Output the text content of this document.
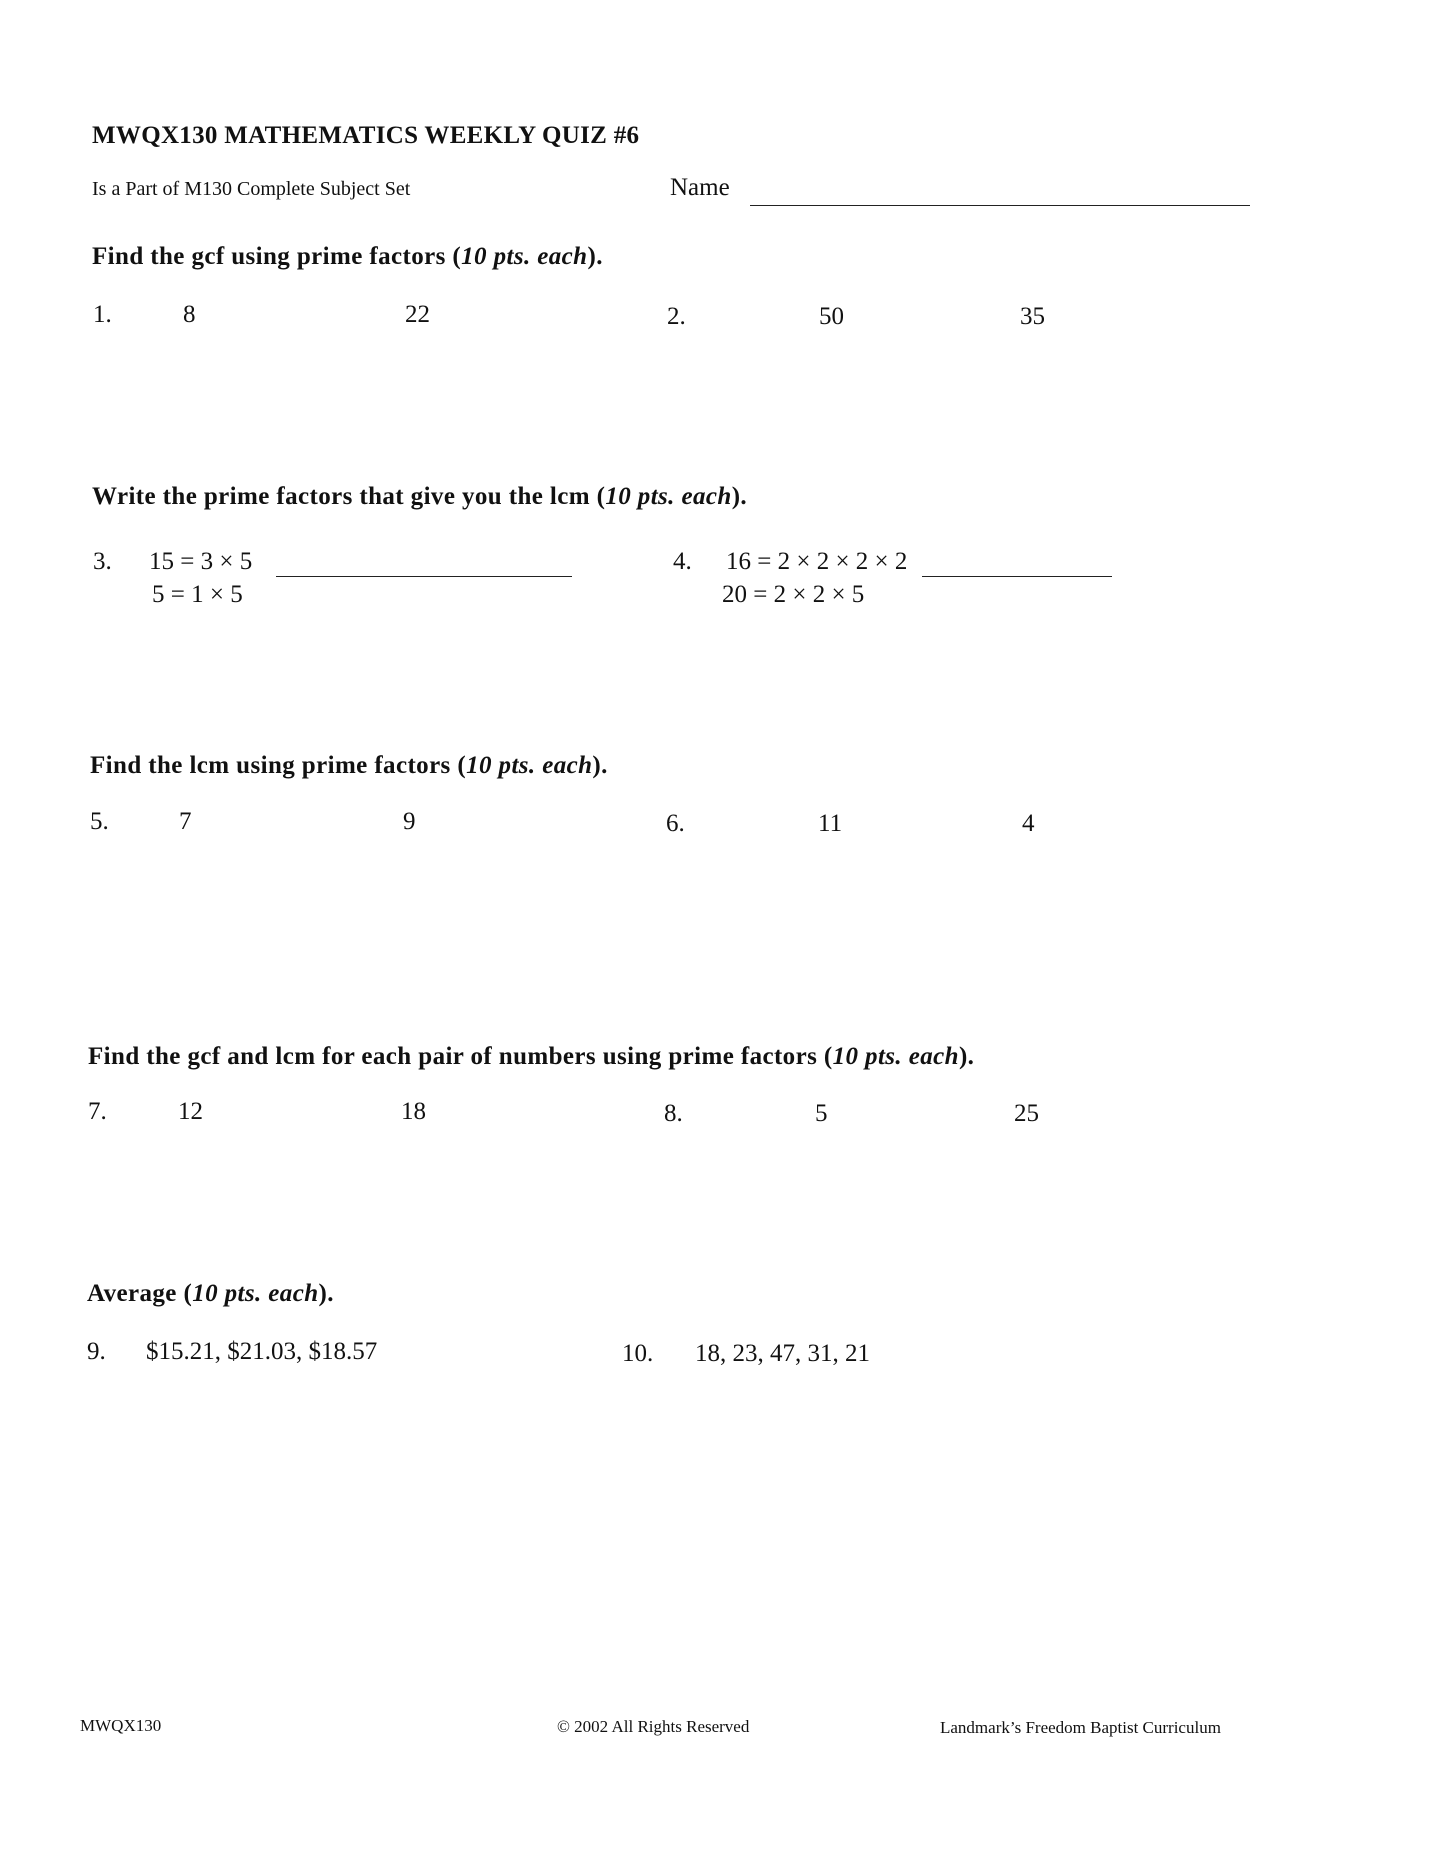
MWQX130 MATHEMATICS WEEKLY QUIZ #6
Is a Part of M130 Complete Subject Set	Name
Find the gcf using prime factors (10 pts. each).
1.	8	22	2.	50	35
Write the prime factors that give you the lcm (10 pts. each).
3. 15 = 3 × 5
5 = 1 × 5
4. 16 = 2 × 2 × 2 × 2
20 = 2 × 2 × 5
Find the lcm using prime factors (10 pts. each).
5.	7	9	6.	11	4
Find the gcf and lcm for each pair of numbers using prime factors (10 pts. each).
7.	12	18	8.	5	25
Average (10 pts. each).
9. $15.21, $21.03, $18.57	10. 18, 23, 47, 31, 21
MWQX130	© 2002 All Rights Reserved	Landmark’s Freedom Baptist Curriculum
